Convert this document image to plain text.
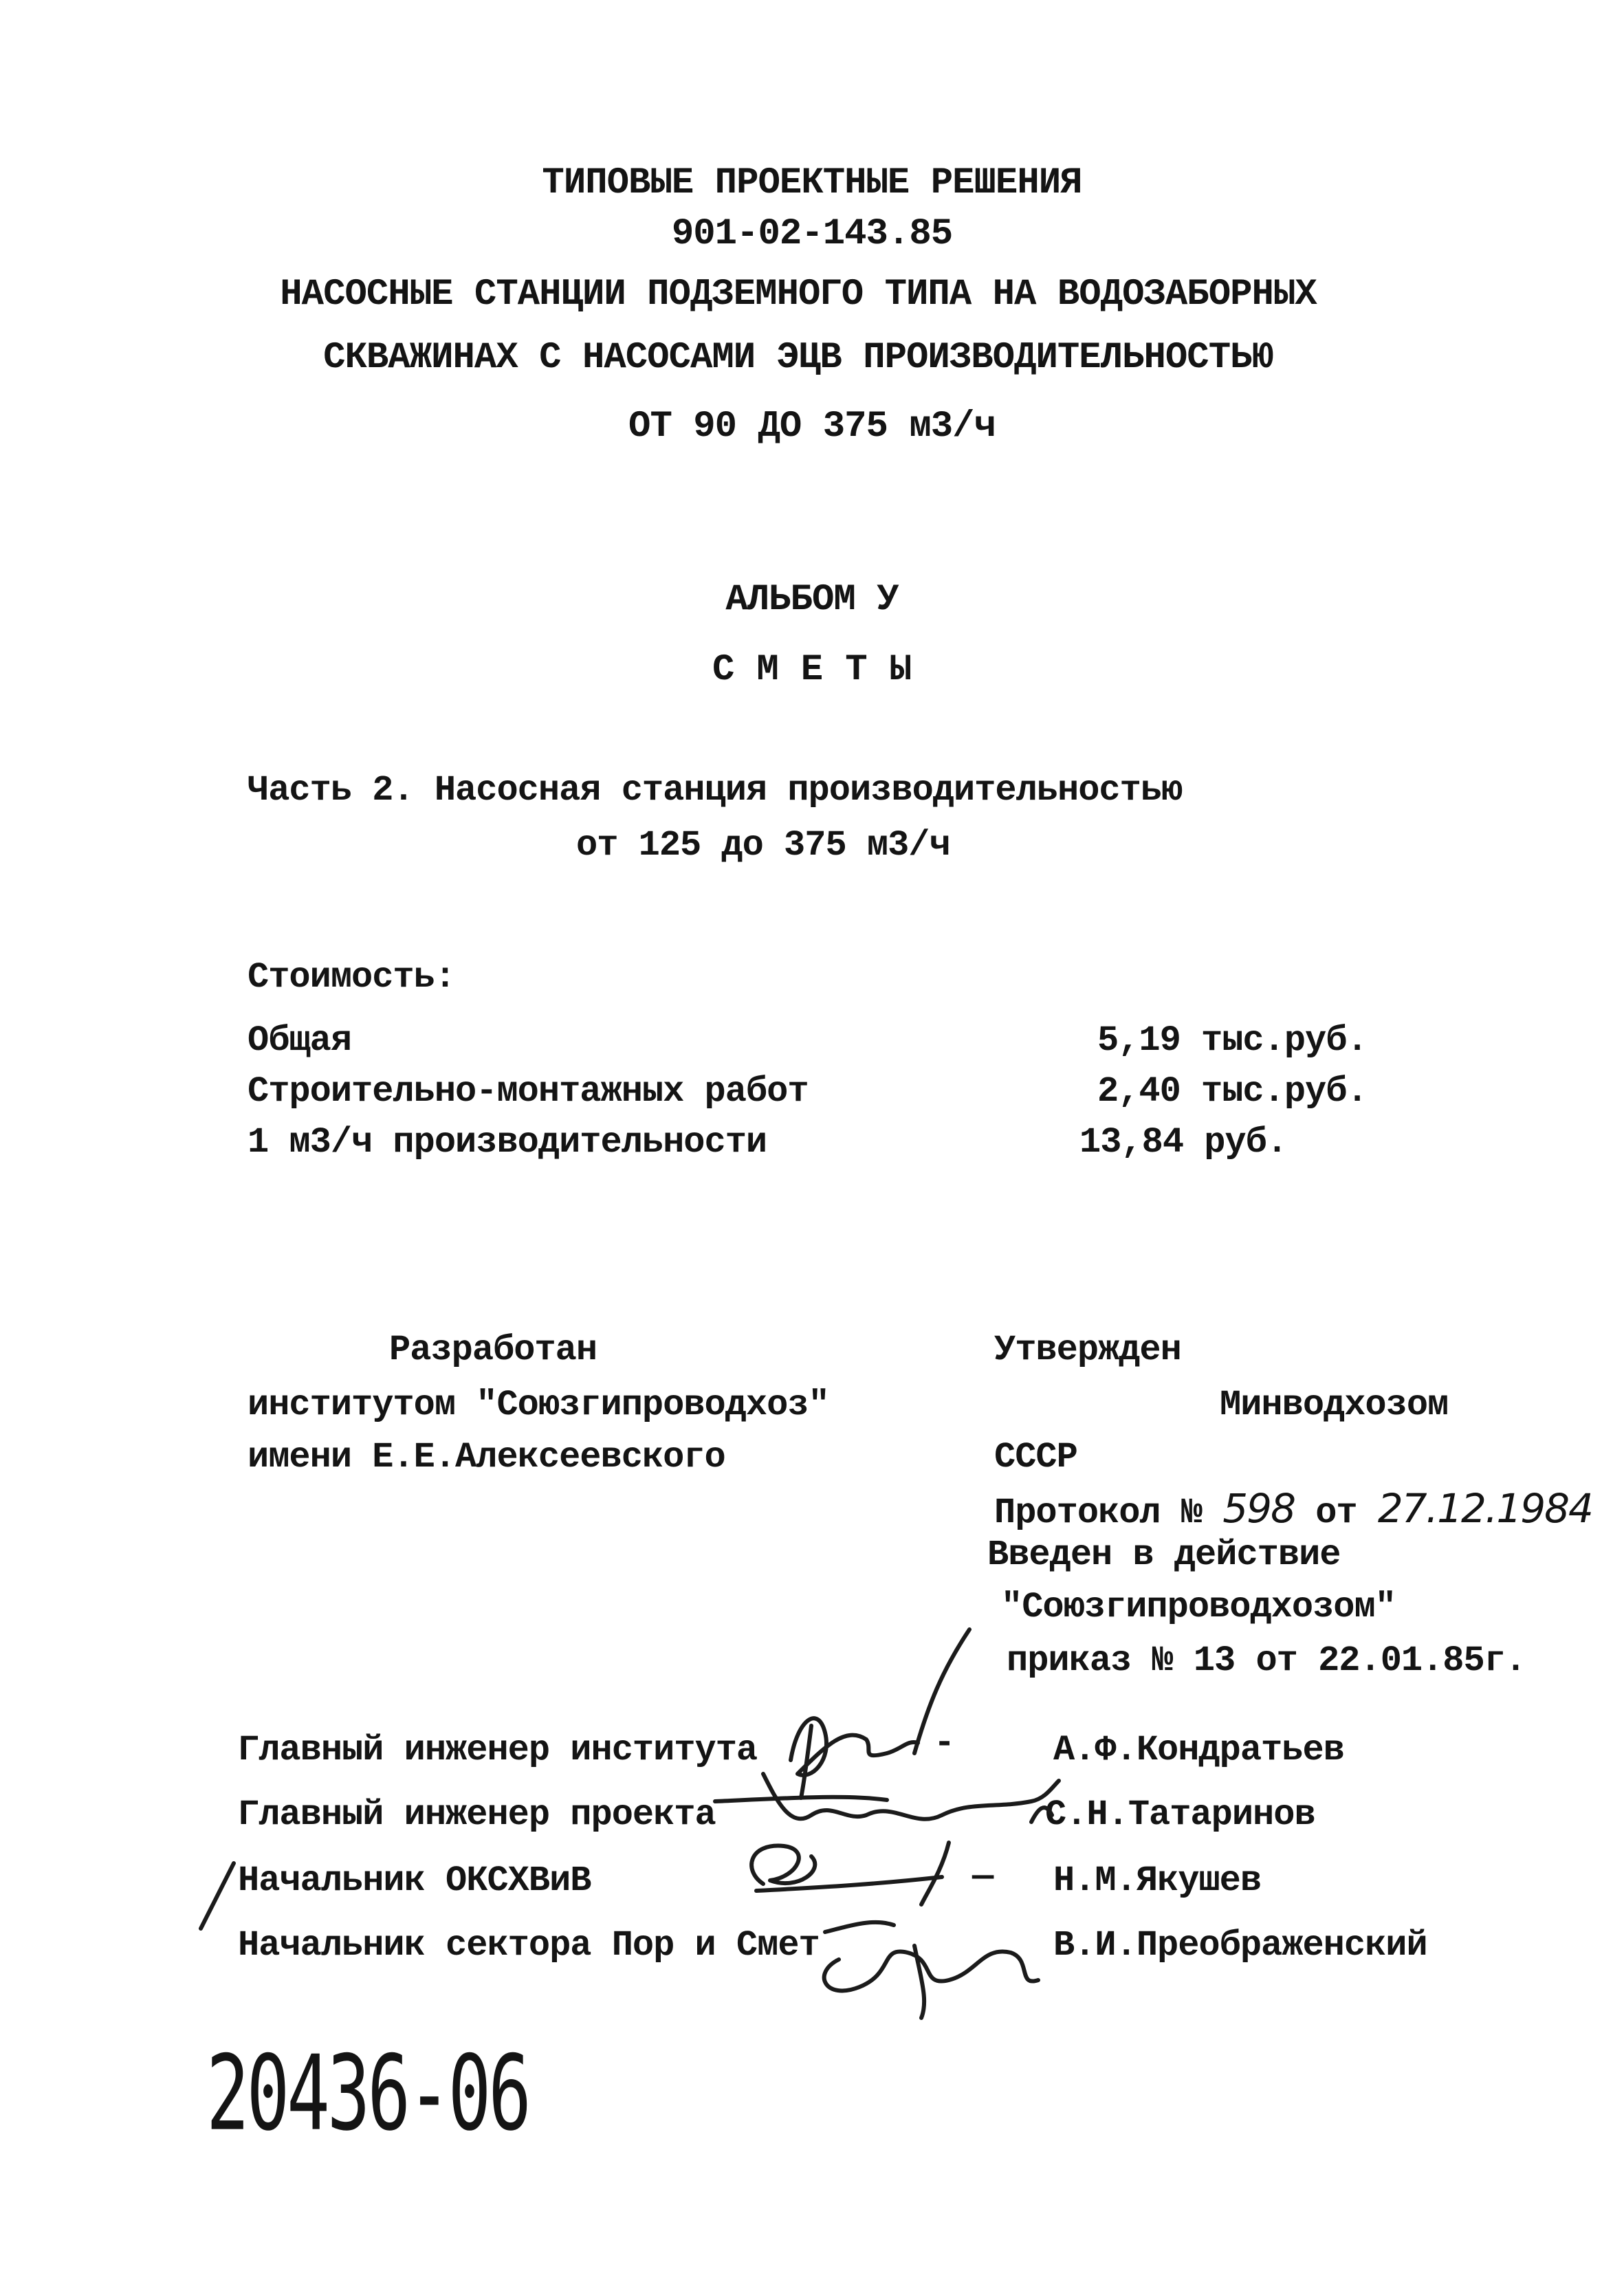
ТИПОВЫЕ ПРОЕКТНЫЕ РЕШЕНИЯ
901-02-143.85
НАСОСНЫЕ СТАНЦИИ ПОДЗЕМНОГО ТИПА НА ВОДОЗАБОРНЫХ
СКВАЖИНАХ С НАСОСАМИ ЭЦВ ПРОИЗВОДИТЕЛЬНОСТЬЮ
ОТ 90 ДО 375 м3/ч
АЛЬБОМ У
СМЕТЫ
Часть 2. Насосная станция производительностью
от 125 до 375 м3/ч
Стоимость:
Общая	5,19 тыс.руб.
Строительно-монтажных работ	2,40 тыс.руб.
1 м3/ч производительности	13,84 руб.
Разработан
институтом "Союзгипроводхоз"
имени Е.Е.Алексеевского
Утвержден
Минводхозом
СССР
Протокол № 598 от 27.12.1984
Введен в действие
"Союзгипроводхозом"
приказ № 13 от 22.01.85г.
Главный инженер института	-	А.Ф.Кондратьев
Главный инженер проекта	С.Н.Татаринов
Начальник ОКСХВиВ	— Н.М.Якушев
Начальник сектора Пор и Смет	В.И.Преображенский
20436-06
